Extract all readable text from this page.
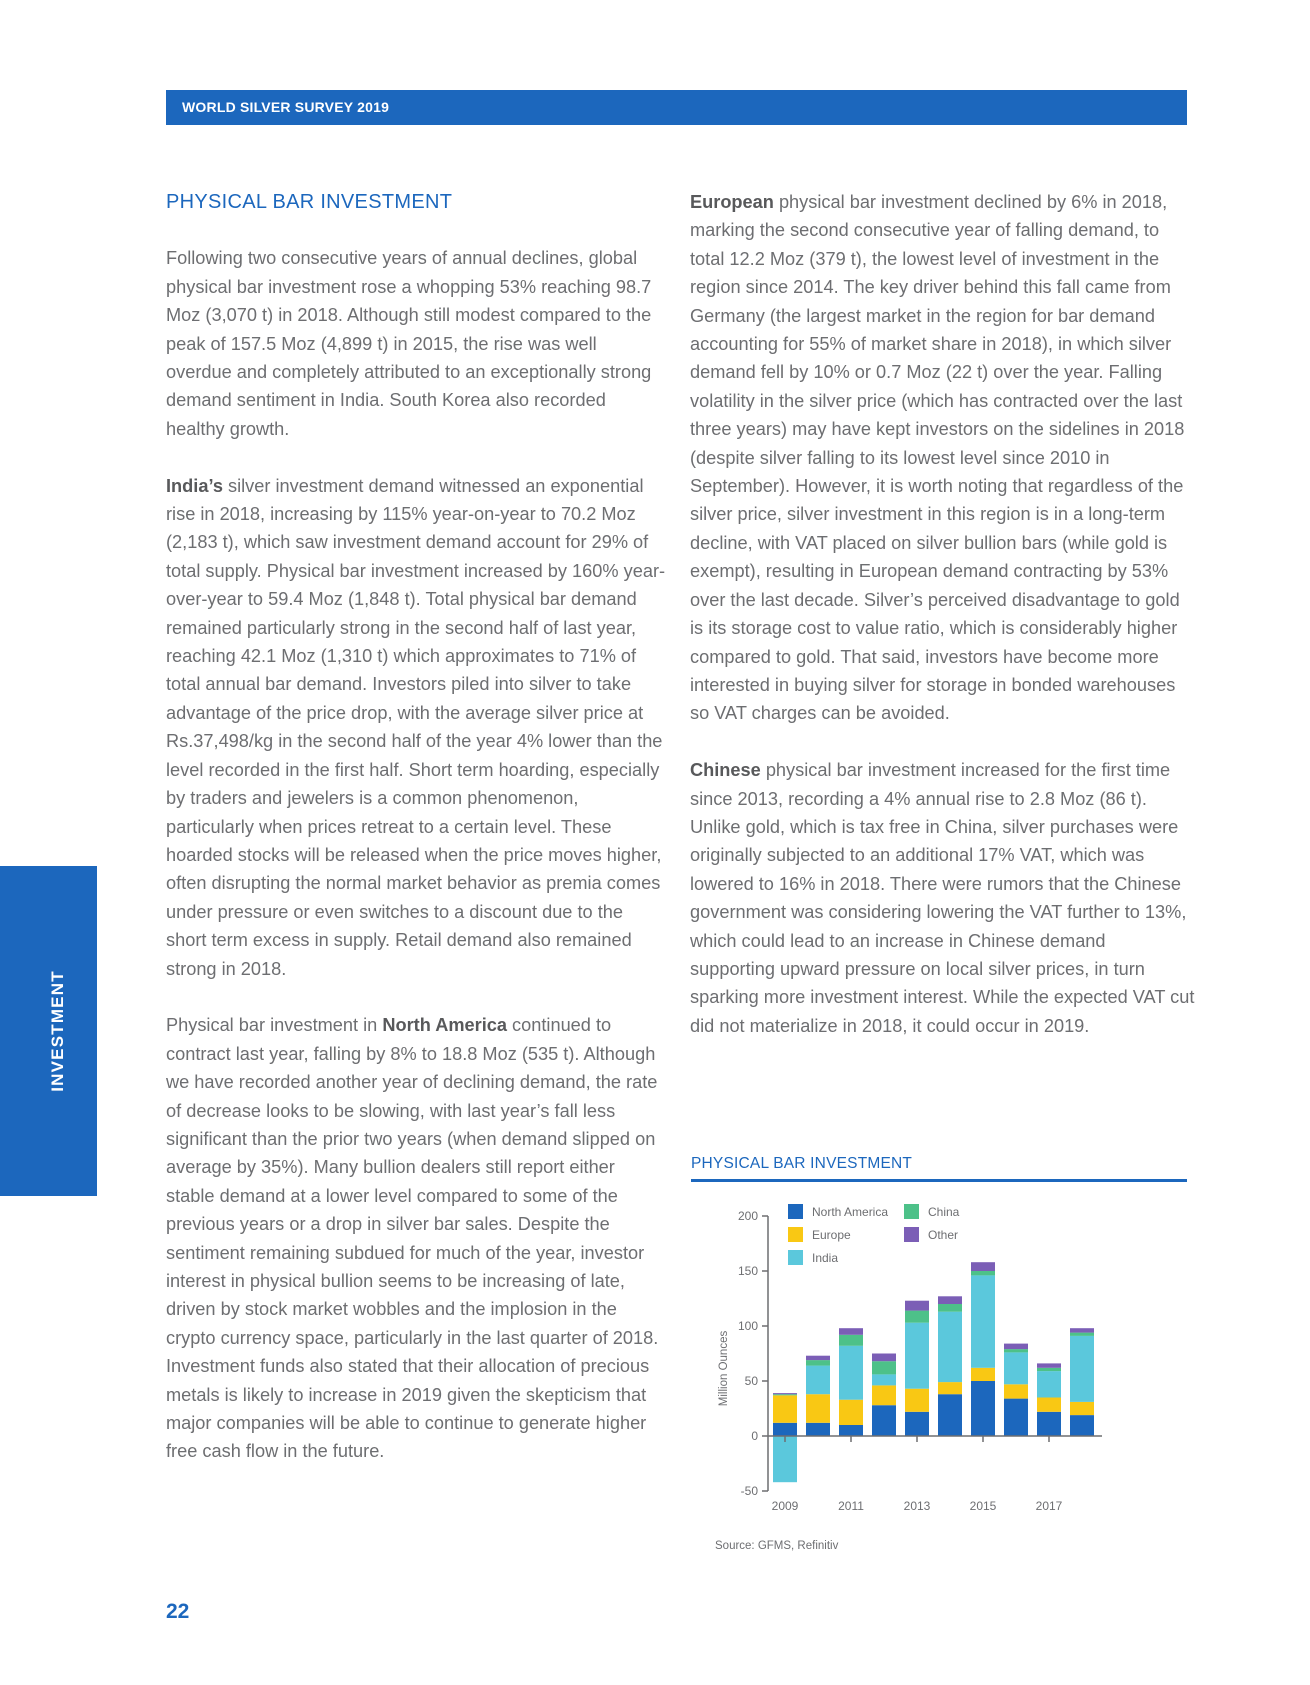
WORLD SILVER SURVEY 2019
INVESTMENT
PHYSICAL BAR INVESTMENT

Following two consecutive years of annual declines, global physical bar investment rose a whopping 53% reaching 98.7 Moz (3,070 t) in 2018. Although still modest compared to the peak of 157.5 Moz (4,899 t) in 2015, the rise was well overdue and completely attributed to an exceptionally strong demand sentiment in India. South Korea also recorded healthy growth.

India’s silver investment demand witnessed an exponential rise in 2018, increasing by 115% year-on-year to 70.2 Moz (2,183 t), which saw investment demand account for 29% of total supply. Physical bar investment increased by 160% year-over-year to 59.4 Moz (1,848 t). Total physical bar demand remained particularly strong in the second half of last year, reaching 42.1 Moz (1,310 t) which approximates to 71% of total annual bar demand. Investors piled into silver to take advantage of the price drop, with the average silver price at Rs.37,498/kg in the second half of the year 4% lower than the level recorded in the first half. Short term hoarding, especially by traders and jewelers is a common phenomenon, particularly when prices retreat to a certain level. These hoarded stocks will be released when the price moves higher, often disrupting the normal market behavior as premia comes under pressure or even switches to a discount due to the short term excess in supply. Retail demand also remained strong in 2018.

Physical bar investment in North America continued to contract last year, falling by 8% to 18.8 Moz (535 t). Although we have recorded another year of declining demand, the rate of decrease looks to be slowing, with last year’s fall less significant than the prior two years (when demand slipped on average by 35%). Many bullion dealers still report either stable demand at a lower level compared to some of the previous years or a drop in silver bar sales. Despite the sentiment remaining subdued for much of the year, investor interest in physical bullion seems to be increasing of late, driven by stock market wobbles and the implosion in the crypto currency space, particularly in the last quarter of 2018. Investment funds also stated that their allocation of precious metals is likely to increase in 2019 given the skepticism that major companies will be able to continue to generate higher free cash flow in the future.

European physical bar investment declined by 6% in 2018, marking the second consecutive year of falling demand, to total 12.2 Moz (379 t), the lowest level of investment in the region since 2014. The key driver behind this fall came from Germany (the largest market in the region for bar demand accounting for 55% of market share in 2018), in which silver demand fell by 10% or 0.7 Moz (22 t) over the year. Falling volatility in the silver price (which has contracted over the last three years) may have kept investors on the sidelines in 2018 (despite silver falling to its lowest level since 2010 in September). However, it is worth noting that regardless of the silver price, silver investment in this region is in a long-term decline, with VAT placed on silver bullion bars (while gold is exempt), resulting in European demand contracting by 53% over the last decade. Silver’s perceived disadvantage to gold is its storage cost to value ratio, which is considerably higher compared to gold. That said, investors have become more interested in buying silver for storage in bonded warehouses so VAT charges can be avoided.

Chinese physical bar investment increased for the first time since 2013, recording a 4% annual rise to 2.8 Moz (86 t). Unlike gold, which is tax free in China, silver purchases were originally subjected to an additional 17% VAT, which was lowered to 16% in 2018. There were rumors that the Chinese government was considering lowering the VAT further to 13%, which could lead to an increase in Chinese demand supporting upward pressure on local silver prices, in turn sparking more investment interest. While the expected VAT cut did not materialize in 2018, it could occur in 2019.

PHYSICAL BAR INVESTMENT
-50
0
50
100
150
200
Million Ounces
2009	2011	2013	2015	2017
North America
Europe
India
China
Other
Source: GFMS, Refinitiv
22
